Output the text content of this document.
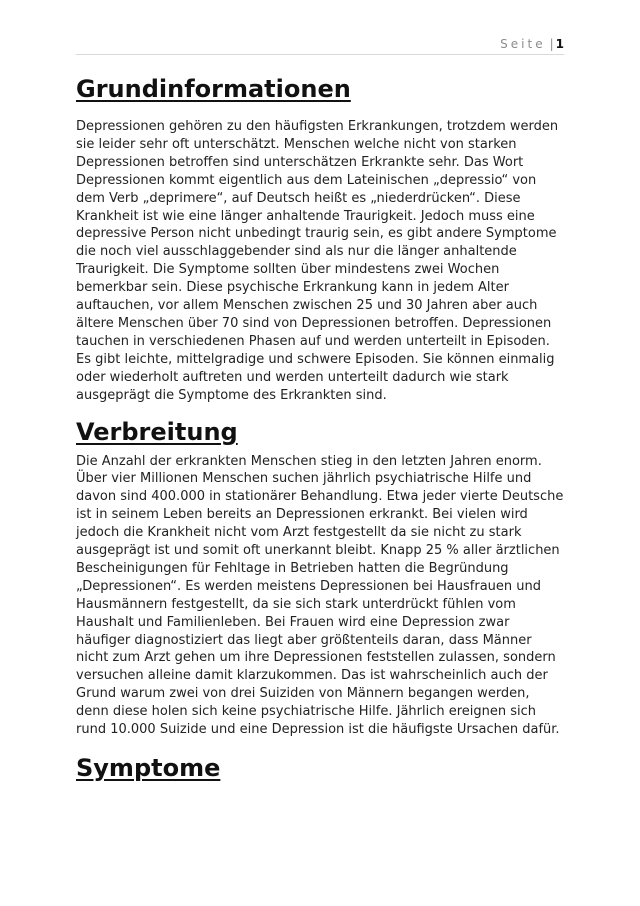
Seite | 1
Grundinformationen

Depressionen gehören zu den häufigsten Erkrankungen, trotzdem werden sie leider sehr oft unterschätzt. Menschen welche nicht von starken Depressionen betroffen sind unterschätzen Erkrankte sehr. Das Wort Depressionen kommt eigentlich aus dem Lateinischen „depressio“ von dem Verb „deprimere“, auf Deutsch heißt es „niederdrücken“. Diese Krankheit ist wie eine länger anhaltende Traurigkeit. Jedoch muss eine depressive Person nicht unbedingt traurig sein, es gibt andere Symptome die noch viel ausschlaggebender sind als nur die länger anhaltende Traurigkeit. Die Symptome sollten über mindestens zwei Wochen bemerkbar sein. Diese psychische Erkrankung kann in jedem Alter auftauchen, vor allem Menschen zwischen 25 und 30 Jahren aber auch ältere Menschen über 70 sind von Depressionen betroffen. Depressionen tauchen in verschiedenen Phasen auf und werden unterteilt in Episoden. Es gibt leichte, mittelgradige und schwere Episoden. Sie können einmalig oder wiederholt auftreten und werden unterteilt dadurch wie stark ausgeprägt die Symptome des Erkrankten sind.

Verbreitung

Die Anzahl der erkrankten Menschen stieg in den letzten Jahren enorm. Über vier Millionen Menschen suchen jährlich psychiatrische Hilfe und davon sind 400.000 in stationärer Behandlung. Etwa jeder vierte Deutsche ist in seinem Leben bereits an Depressionen erkrankt. Bei vielen wird jedoch die Krankheit nicht vom Arzt festgestellt da sie nicht zu stark ausgeprägt ist und somit oft unerkannt bleibt. Knapp 25 % aller ärztlichen Bescheinigungen für Fehltage in Betrieben hatten die Begründung „Depressionen“. Es werden meistens Depressionen bei Hausfrauen und Hausmännern festgestellt, da sie sich stark unterdrückt fühlen vom Haushalt und Familienleben. Bei Frauen wird eine Depression zwar häufiger diagnostiziert das liegt aber größtenteils daran, dass Männer nicht zum Arzt gehen um ihre Depressionen feststellen zulassen, sondern versuchen alleine damit klarzukommen. Das ist wahrscheinlich auch der Grund warum zwei von drei Suiziden von Männern begangen werden, denn diese holen sich keine psychiatrische Hilfe. Jährlich ereignen sich rund 10.000 Suizide und eine Depression ist die häufigste Ursachen dafür.

Symptome
